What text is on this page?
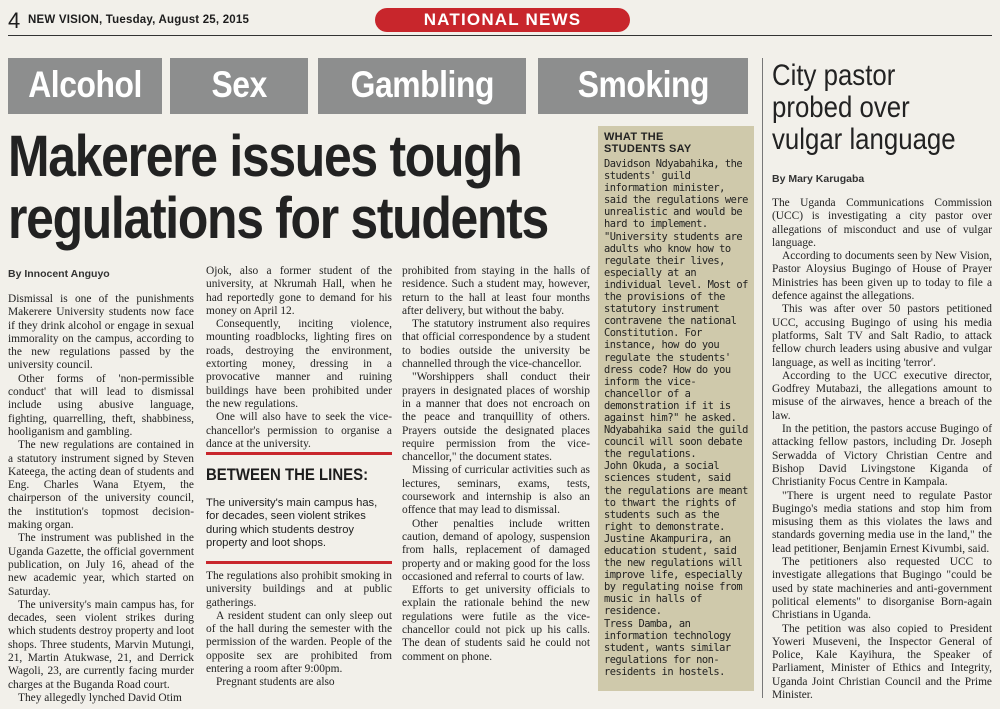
4 NEW VISION, Tuesday, August 25, 2015	NATIONAL NEWS
Alcohol	Sex	Gambling	Smoking
Makerere issues tough
regulations for students
By Innocent Anguyo

Dismissal is one of the punishments Makerere University students now face if they drink alcohol or engage in sexual immorality on the campus, according to the new regulations passed by the university council.

Other forms of 'non-permissible conduct' that will lead to dismissal include using abusive language, fighting, quarrelling, theft, shabbiness, hooliganism and gambling.

The new regulations are contained in a statutory instrument signed by Steven Kateega, the acting dean of students and Eng. Charles Wana Etyem, the chairperson of the university council, the institution's topmost decision-making organ.

The instrument was published in the Uganda Gazette, the official government publication, on July 16, ahead of the new academic year, which started on Saturday.

The university's main campus has, for decades, seen violent strikes during which students destroy property and loot shops. Three students, Marvin Mutungi, 21, Martin Atukwase, 21, and Derrick Wagoli, 23, are currently facing murder charges at the Buganda Road court.

They allegedly lynched David Otim

Ojok, also a former student of the university, at Nkrumah Hall, when he had reportedly gone to demand for his money on April 12.

Consequently, inciting violence, mounting roadblocks, lighting fires on roads, destroying the environment, extorting money, dressing in a provocative manner and ruining buildings have been prohibited under the new regulations.

One will also have to seek the vice-chancellor's permission to organise a dance at the university.

BETWEEN THE LINES:
The university's main campus has, for decades, seen violent strikes during which students destroy property and loot shops.

The regulations also prohibit smoking in university buildings and at public gatherings.

A resident student can only sleep out of the hall during the semester with the permission of the warden. People of the opposite sex are prohibited from entering a room after 9:00pm.

Pregnant students are also

prohibited from staying in the halls of residence. Such a student may, however, return to the hall at least four months after delivery, but without the baby.

The statutory instrument also requires that official correspondence by a student to bodies outside the university be channelled through the vice-chancellor.

"Worshippers shall conduct their prayers in designated places of worship in a manner that does not encroach on the peace and tranquillity of others. Prayers outside the designated places require permission from the vice-chancellor," the document states.

Missing of curricular activities such as lectures, seminars, exams, tests, coursework and internship is also an offence that may lead to dismissal.

Other penalties include written caution, demand of apology, suspension from halls, replacement of damaged property and or making good for the loss occasioned and referral to courts of law.

Efforts to get university officials to explain the rationale behind the new regulations were futile as the vice-chancellor could not pick up his calls. The dean of students said he could not comment on phone.

WHAT THE
STUDENTS SAY

Davidson Ndyabahika, the students' guild information minister, said the regulations were unrealistic and would be hard to implement.

"University students are adults who know how to regulate their lives, especially at an individual level. Most of the provisions of the statutory instrument contravene the national Constitution. For instance, how do you regulate the students' dress code? How do you inform the vice-chancellor of a demonstration if it is against him?" he asked.

Ndyabahika said the guild council will soon debate the regulations.

John Okuda, a social sciences student, said the regulations are meant to thwart the rights of students such as the right to demonstrate.

Justine Akampurira, an education student, said the new regulations will improve life, especially by regulating noise from music in halls of residence.

Tress Damba, an information technology student, wants similar regulations for non-residents in hostels.

City pastor
probed over
vulgar language
By Mary Karugaba

The Uganda Communications Commission (UCC) is investigating a city pastor over allegations of misconduct and use of vulgar language.

According to documents seen by New Vision, Pastor Aloysius Bugingo of House of Prayer Ministries has been given up to today to file a defence against the allegations.

This was after over 50 pastors petitioned UCC, accusing Bugingo of using his media platforms, Salt TV and Salt Radio, to attack fellow church leaders using abusive and vulgar language, as well as inciting 'terror'.

According to the UCC executive director, Godfrey Mutabazi, the allegations amount to misuse of the airwaves, hence a breach of the law.

In the petition, the pastors accuse Bugingo of attacking fellow pastors, including Dr. Joseph Serwadda of Victory Christian Centre and Bishop David Livingstone Kiganda of Christianity Focus Centre in Kampala.

"There is urgent need to regulate Pastor Bugingo's media stations and stop him from misusing them as this violates the laws and standards governing media use in the land," the lead petitioner, Benjamin Ernest Kivumbi, said.

The petitioners also requested UCC to investigate allegations that Bugingo "could be used by state machineries and anti-government political elements" to disorganise Born-again Christians in Uganda.

The petition was also copied to President Yoweri Museveni, the Inspector General of Police, Kale Kayihura, the Speaker of Parliament, Minister of Ethics and Integrity, Uganda Joint Christian Council and the Prime Minister.
